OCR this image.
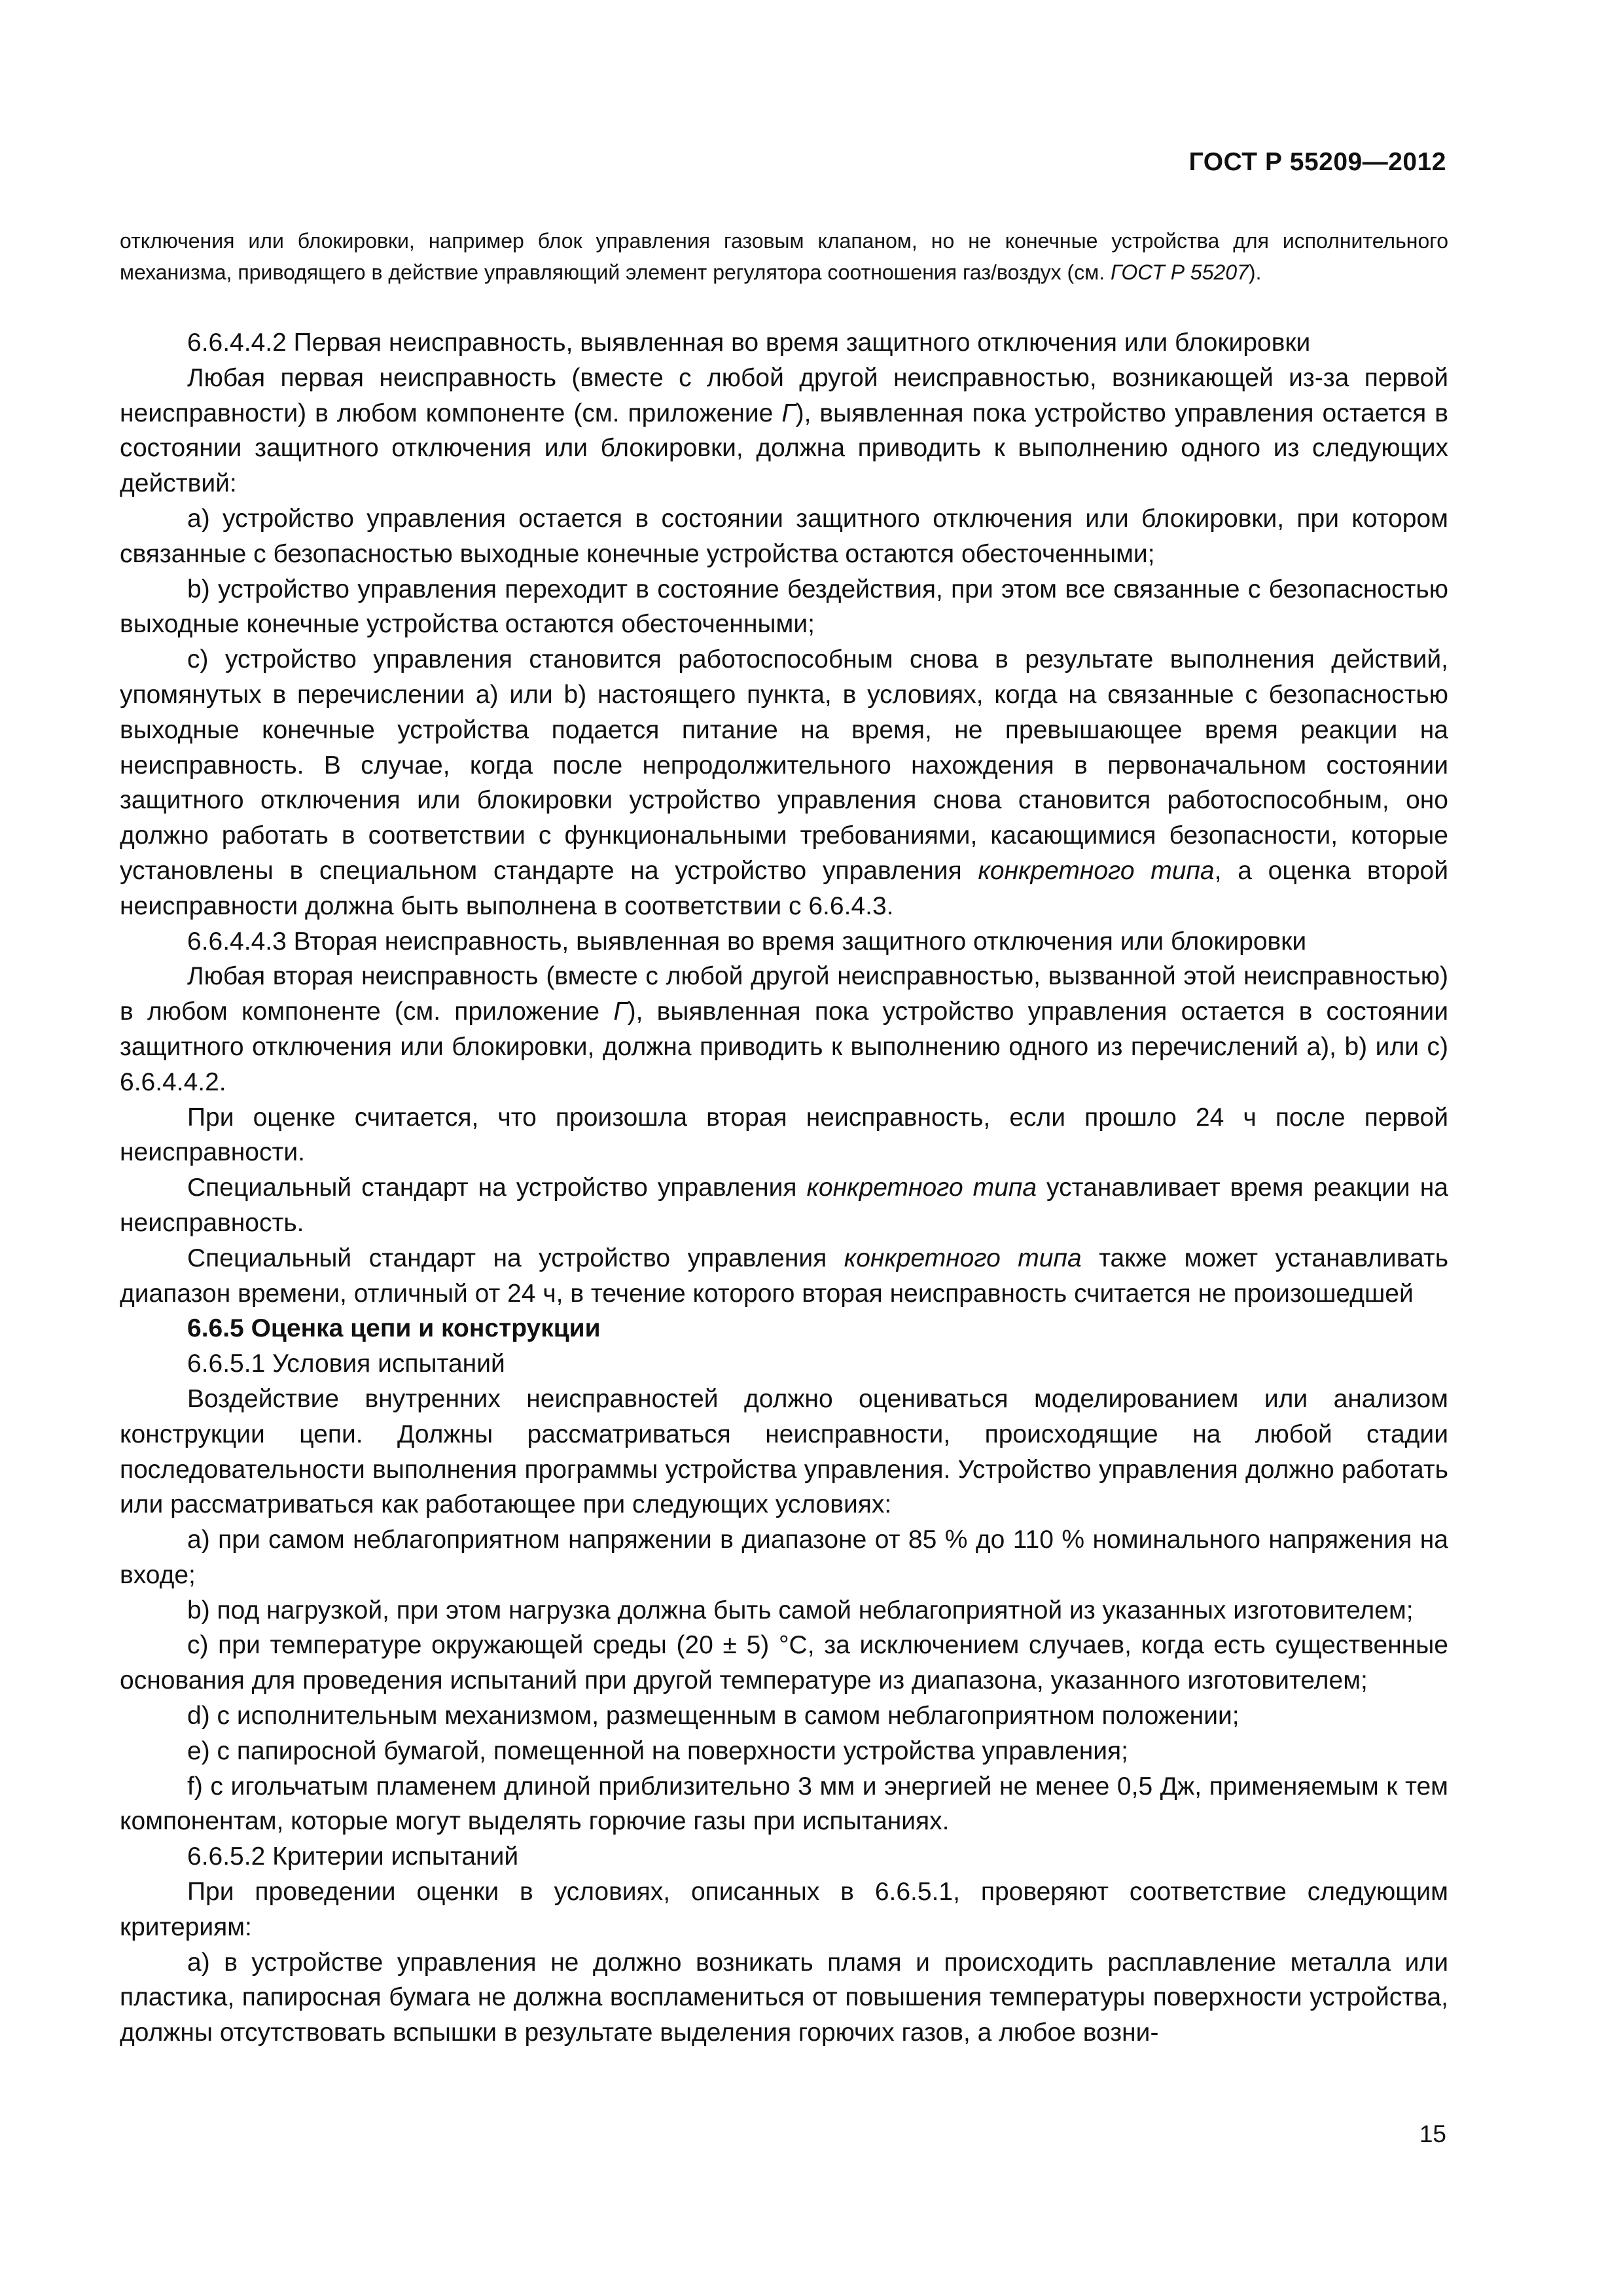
ГОСТ Р 55209—2012
отключения или блокировки, например блок управления газовым клапаном, но не конечные устройства для исполнительного механизма, приводящего в действие управляющий элемент регулятора соотношения газ/воздух (см. ГОСТ Р 55207).

6.6.4.4.2 Первая неисправность, выявленная во время защитного отключения или блокировки

Любая первая неисправность (вместе с любой другой неисправностью, возникающей из-за первой неисправности) в любом компоненте (см. приложение Г), выявленная пока устройство управления остается в состоянии защитного отключения или блокировки, должна приводить к выполнению одного из следующих действий:

а) устройство управления остается в состоянии защитного отключения или блокировки, при котором связанные с безопасностью выходные конечные устройства остаются обесточенными;

b) устройство управления переходит в состояние бездействия, при этом все связанные с безопасностью выходные конечные устройства остаются обесточенными;

c) устройство управления становится работоспособным снова в результате выполнения действий, упомянутых в перечислении а) или b) настоящего пункта, в условиях, когда на связанные с безопасностью выходные конечные устройства подается питание на время, не превышающее время реакции на неисправность. В случае, когда после непродолжительного нахождения в первоначальном состоянии защитного отключения или блокировки устройство управления снова становится работоспособным, оно должно работать в соответствии с функциональными требованиями, касающимися безопасности, которые установлены в специальном стандарте на устройство управления конкретного типа, а оценка второй неисправности должна быть выполнена в соответствии с 6.6.4.3.

6.6.4.4.3 Вторая неисправность, выявленная во время защитного отключения или блокировки

Любая вторая неисправность (вместе с любой другой неисправностью, вызванной этой неисправностью) в любом компоненте (см. приложение Г), выявленная пока устройство управления остается в состоянии защитного отключения или блокировки, должна приводить к выполнению одного из перечислений а), b) или c) 6.6.4.4.2.

При оценке считается, что произошла вторая неисправность, если прошло 24 ч после первой неисправности.

Специальный стандарт на устройство управления конкретного типа устанавливает время реакции на неисправность.

Специальный стандарт на устройство управления конкретного типа также может устанавливать диапазон времени, отличный от 24 ч, в течение которого вторая неисправность считается не произошедшей

6.6.5 Оценка цепи и конструкции

6.6.5.1 Условия испытаний

Воздействие внутренних неисправностей должно оцениваться моделированием или анализом конструкции цепи. Должны рассматриваться неисправности, происходящие на любой стадии последовательности выполнения программы устройства управления. Устройство управления должно работать или рассматриваться как работающее при следующих условиях:

а) при самом неблагоприятном напряжении в диапазоне от 85 % до 110 % номинального напряжения на входе;

b) под нагрузкой, при этом нагрузка должна быть самой неблагоприятной из указанных изготовителем;

c) при температуре окружающей среды (20 ± 5) °С, за исключением случаев, когда есть существенные основания для проведения испытаний при другой температуре из диапазона, указанного изготовителем;

d) с исполнительным механизмом, размещенным в самом неблагоприятном положении;

е) с папиросной бумагой, помещенной на поверхности устройства управления;

f) с игольчатым пламенем длиной приблизительно 3 мм и энергией не менее 0,5 Дж, применяемым к тем компонентам, которые могут выделять горючие газы при испытаниях.

6.6.5.2 Критерии испытаний

При проведении оценки в условиях, описанных в 6.6.5.1, проверяют соответствие следующим критериям:

а) в устройстве управления не должно возникать пламя и происходить расплавление металла или пластика, папиросная бумага не должна воспламениться от повышения температуры поверхности устройства, должны отсутствовать вспышки в результате выделения горючих газов, а любое возни-

15
